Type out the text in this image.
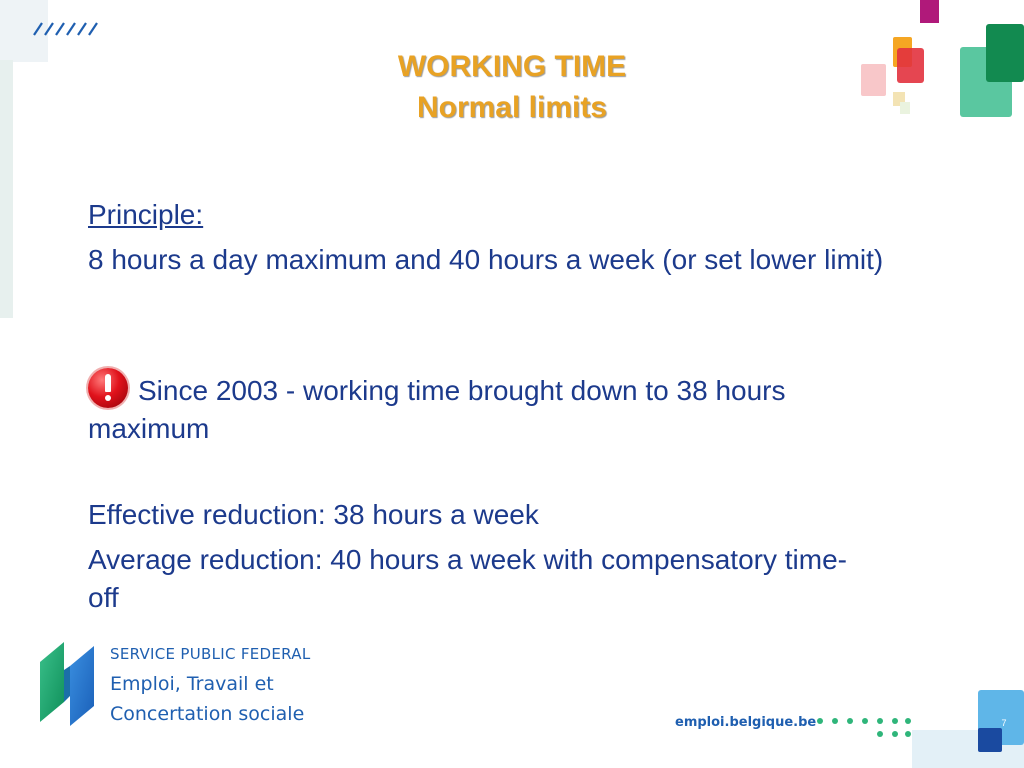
WORKING TIME
Normal limits
Principle:
8 hours a day maximum and 40 hours a week (or set lower limit)
Since 2003 - working time brought down to 38 hours
maximum
Effective reduction: 38 hours a week
Average reduction: 40 hours a week with compensatory time-
off
SERVICE PUBLIC FEDERAL
Emploi, Travail et
Concertation sociale	emploi.belgique.be	7
